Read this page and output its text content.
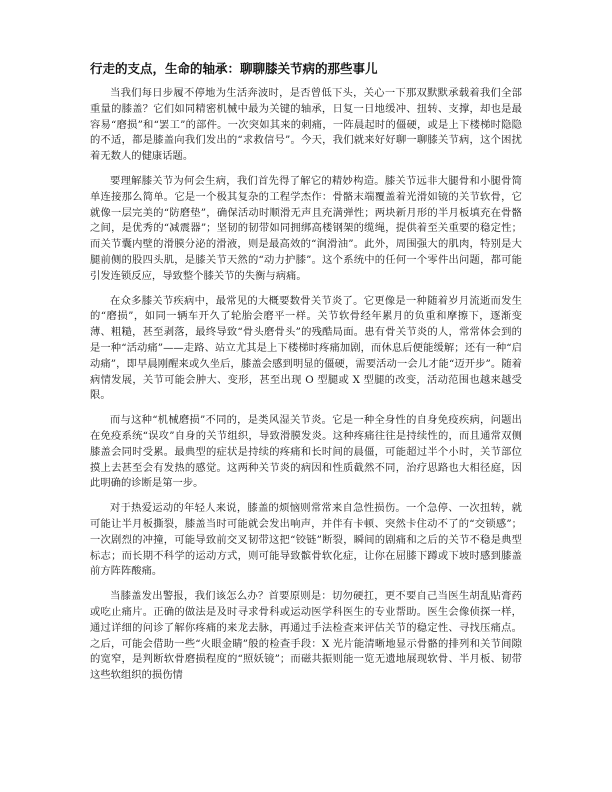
行走的支点，生命的轴承：聊聊膝关节病的那些事儿

当我们每日步履不停地为生活奔波时，是否曾低下头，关心一下那双默默承载着我们全部重量的膝盖？它们如同精密机械中最为关键的轴承，日复一日地缓冲、扭转、支撑，却也是最容易“磨损”和“罢工”的部件。一次突如其来的刺痛，一阵晨起时的僵硬，或是上下楼梯时隐隐的不适，都是膝盖向我们发出的“求救信号”。今天，我们就来好好聊一聊膝关节病，这个困扰着无数人的健康话题。

要理解膝关节为何会生病，我们首先得了解它的精妙构造。膝关节远非大腿骨和小腿骨简单连接那么简单。它是一个极其复杂的工程学杰作：骨骼末端覆盖着光滑如镜的关节软骨，它就像一层完美的“防磨垫”，确保活动时顺滑无声且充满弹性；两块新月形的半月板填充在骨骼之间，是优秀的“减震器”；坚韧的韧带如同拥绑高楼钢架的缆绳，提供着至关重要的稳定性；而关节囊内壁的滑膜分泌的滑液，则是最高效的“润滑油”。此外，周围强大的肌肉，特别是大腿前侧的股四头肌，是膝关节天然的“动力护膝”。这个系统中的任何一个零件出问题，都可能引发连锁反应，导致整个膝关节的失衡与病痛。

在众多膝关节疾病中，最常见的大概要数骨关节炎了。它更像是一种随着岁月流逝而发生的“磨损”，如同一辆车开久了轮胎会磨平一样。关节软骨经年累月的负重和摩擦下，逐渐变薄、粗糙，甚至剥落，最终导致“骨头磨骨头”的残酷局面。患有骨关节炎的人，常常体会到的是一种“活动痛”——走路、站立尤其是上下楼梯时疼痛加剧，而休息后便能缓解；还有一种“启动痛”，即早晨刚醒来或久坐后，膝盖会感到明显的僵硬，需要活动一会儿才能“迈开步”。随着病情发展，关节可能会肿大、变形，甚至出现 O 型腿或 X 型腿的改变，活动范围也越来越受限。

而与这种“机械磨损”不同的，是类风湿关节炎。它是一种全身性的自身免疫疾病，问题出在免疫系统“误攻”自身的关节组织，导致滑膜发炎。这种疼痛往往是持续性的，而且通常双侧膝盖会同时受累。最典型的症状是持续的疼痛和长时间的晨僵，可能超过半个小时，关节部位摸上去甚至会有发热的感觉。这两种关节炎的病因和性质截然不同，治疗思路也大相径庭，因此明确的诊断是第一步。

对于热爱运动的年轻人来说，膝盖的烦恼则常常来自急性损伤。一个急停、一次扭转，就可能让半月板撕裂，膝盖当时可能就会发出响声，并伴有卡顿、突然卡住动不了的“交锁感”；一次剧烈的冲撞，可能导致前交叉韧带这把“铰链”断裂，瞬间的剧痛和之后的关节不稳是典型标志；而长期不科学的运动方式，则可能导致髌骨软化症，让你在屈膝下蹲或下坡时感到膝盖前方阵阵酸痛。

当膝盖发出警报，我们该怎么办？首要原则是：切勿硬扛，更不要自己当医生胡乱贴膏药或吃止痛片。正确的做法是及时寻求骨科或运动医学科医生的专业帮助。医生会像侦探一样，通过详细的问诊了解你疼痛的来龙去脉，再通过手法检查来评估关节的稳定性、寻找压痛点。之后，可能会借助一些“火眼金睛”般的检查手段：X 光片能清晰地显示骨骼的排列和关节间隙的宽窄，是判断软骨磨损程度的“照妖镜”；而磁共振则能一览无遗地展现软骨、半月板、韧带这些软组织的损伤情
